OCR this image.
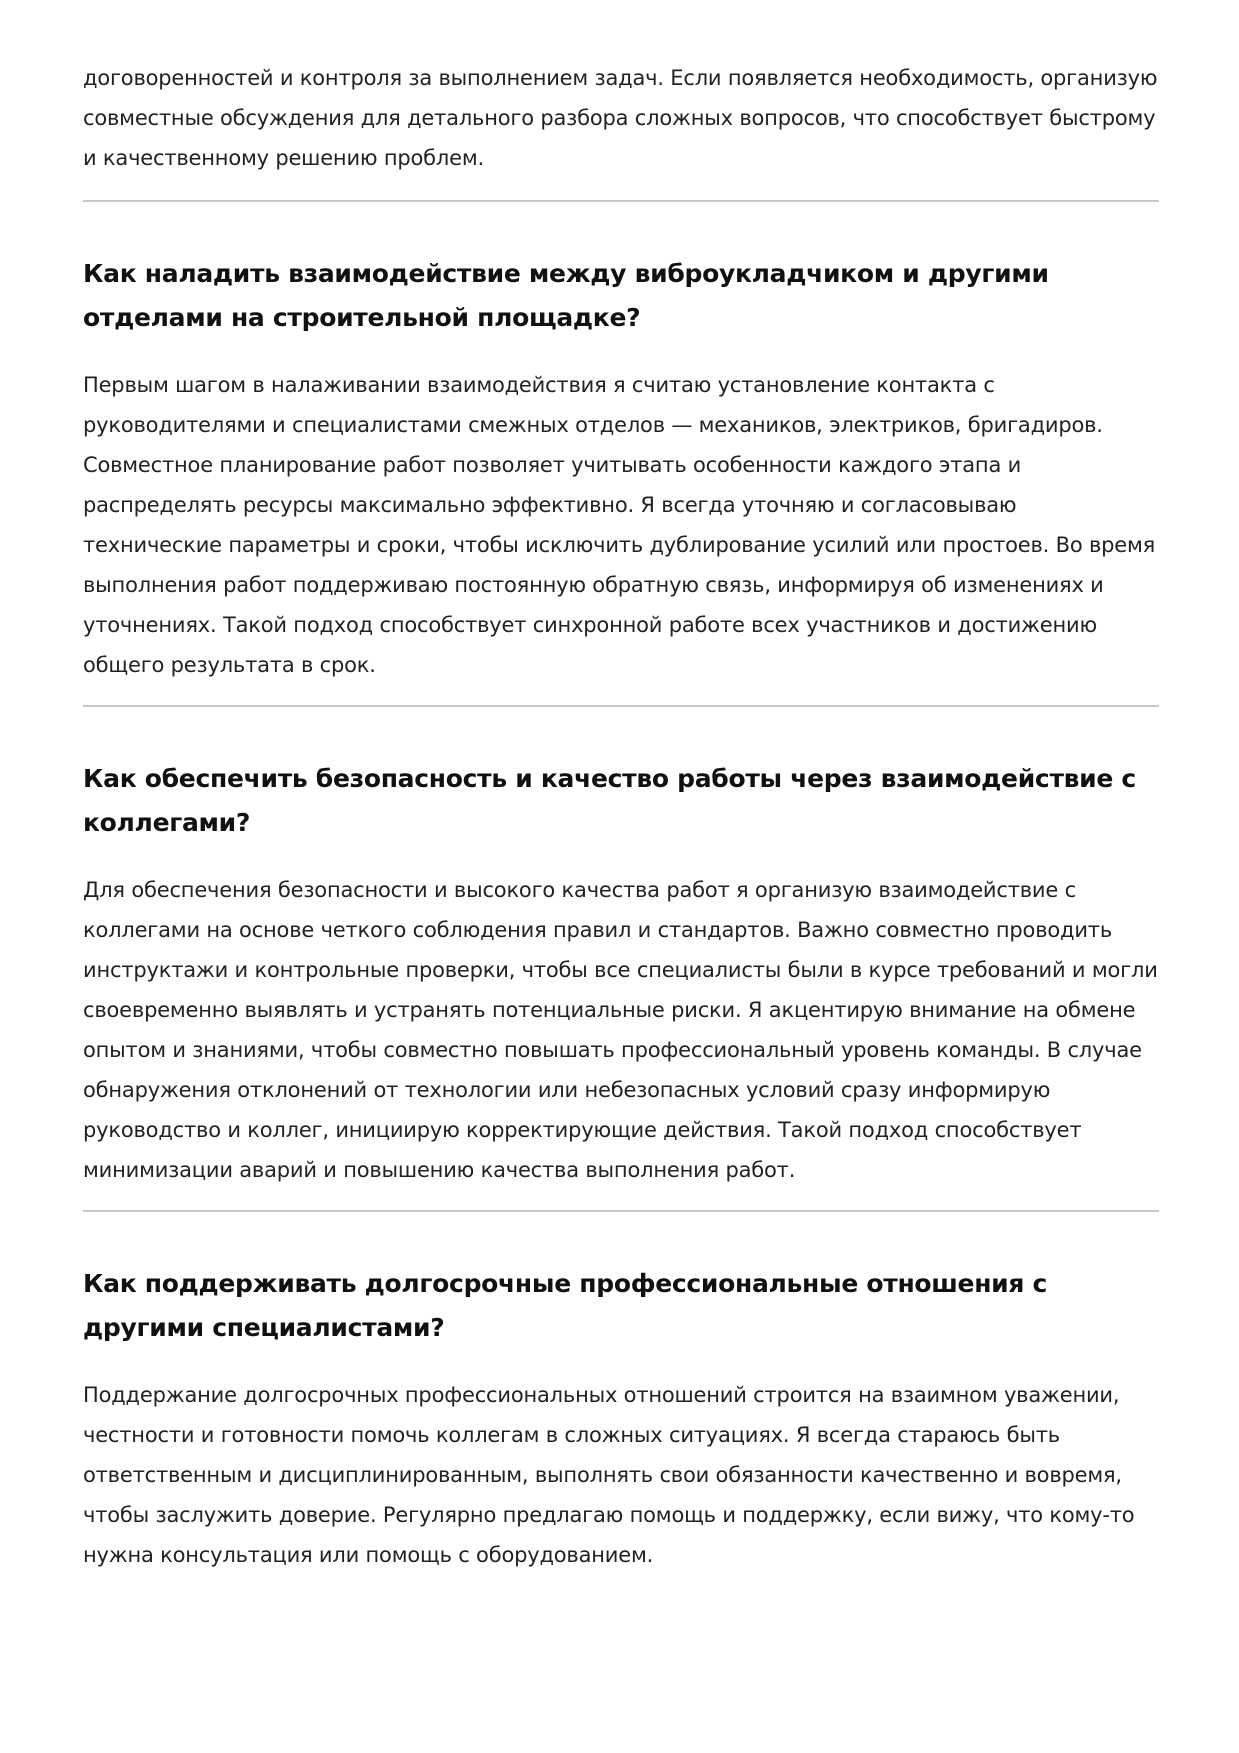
договоренностей и контроля за выполнением задач. Если появляется необходимость, организую совместные обсуждения для детального разбора сложных вопросов, что способствует быстрому и качественному решению проблем.

Как наладить взаимодействие между виброукладчиком и другими отделами на строительной площадке?

Первым шагом в налаживании взаимодействия я считаю установление контакта с руководителями и специалистами смежных отделов — механиков, электриков, бригадиров. Совместное планирование работ позволяет учитывать особенности каждого этапа и распределять ресурсы максимально эффективно. Я всегда уточняю и согласовываю технические параметры и сроки, чтобы исключить дублирование усилий или простоев. Во время выполнения работ поддерживаю постоянную обратную связь, информируя об изменениях и уточнениях. Такой подход способствует синхронной работе всех участников и достижению общего результата в срок.

Как обеспечить безопасность и качество работы через взаимодействие с коллегами?

Для обеспечения безопасности и высокого качества работ я организую взаимодействие с коллегами на основе четкого соблюдения правил и стандартов. Важно совместно проводить инструктажи и контрольные проверки, чтобы все специалисты были в курсе требований и могли своевременно выявлять и устранять потенциальные риски. Я акцентирую внимание на обмене опытом и знаниями, чтобы совместно повышать профессиональный уровень команды. В случае обнаружения отклонений от технологии или небезопасных условий сразу информирую руководство и коллег, инициирую корректирующие действия. Такой подход способствует минимизации аварий и повышению качества выполнения работ.

Как поддерживать долгосрочные профессиональные отношения с другими специалистами?

Поддержание долгосрочных профессиональных отношений строится на взаимном уважении, честности и готовности помочь коллегам в сложных ситуациях. Я всегда стараюсь быть ответственным и дисциплинированным, выполнять свои обязанности качественно и вовремя, чтобы заслужить доверие. Регулярно предлагаю помощь и поддержку, если вижу, что кому-то нужна консультация или помощь с оборудованием.
